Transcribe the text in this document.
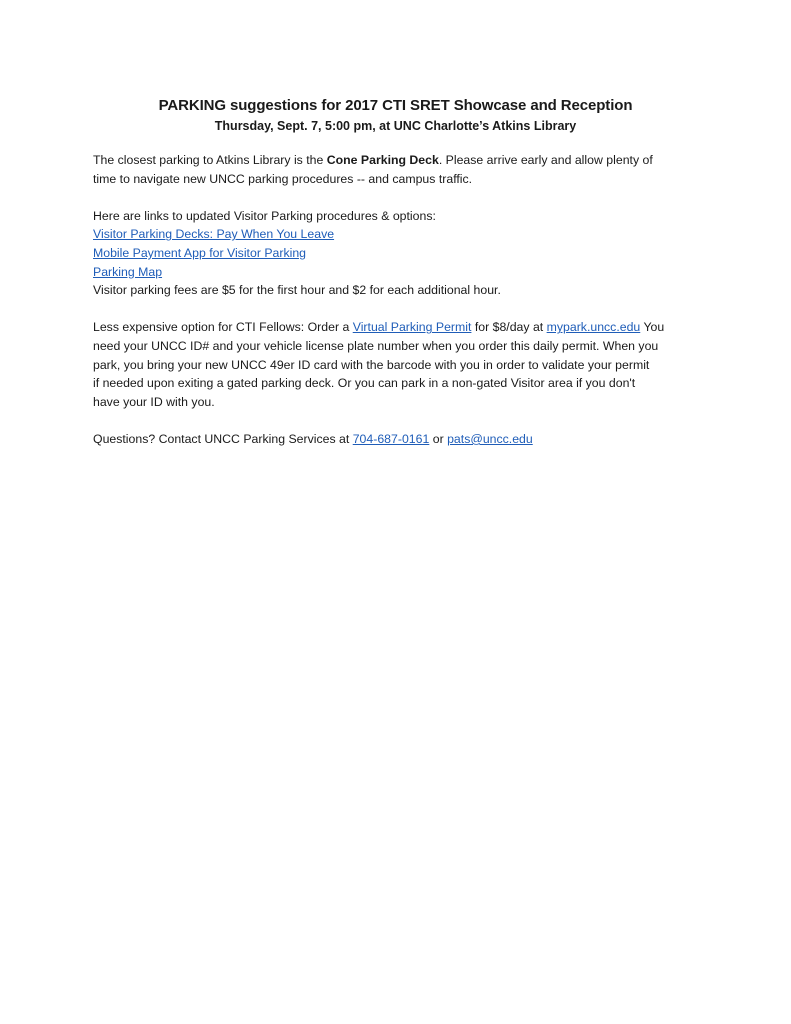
PARKING suggestions for 2017 CTI SRET Showcase and Reception
Thursday, Sept. 7, 5:00 pm, at UNC Charlotte’s Atkins Library
The closest parking to Atkins Library is the Cone Parking Deck. Please arrive early and allow plenty of
time to navigate new UNCC parking procedures -- and campus traffic.
Here are links to updated Visitor Parking procedures & options:
Visitor Parking Decks: Pay When You Leave
Mobile Payment App for Visitor Parking
Parking Map
Visitor parking fees are $5 for the first hour and $2 for each additional hour.
Less expensive option for CTI Fellows: Order a Virtual Parking Permit for $8/day at mypark.uncc.edu You
need your UNCC ID# and your vehicle license plate number when you order this daily permit. When you
park, you bring your new UNCC 49er ID card with the barcode with you in order to validate your permit
if needed upon exiting a gated parking deck. Or you can park in a non-gated Visitor area if you don't
have your ID with you.
Questions? Contact UNCC Parking Services at 704-687-0161 or pats@uncc.edu
